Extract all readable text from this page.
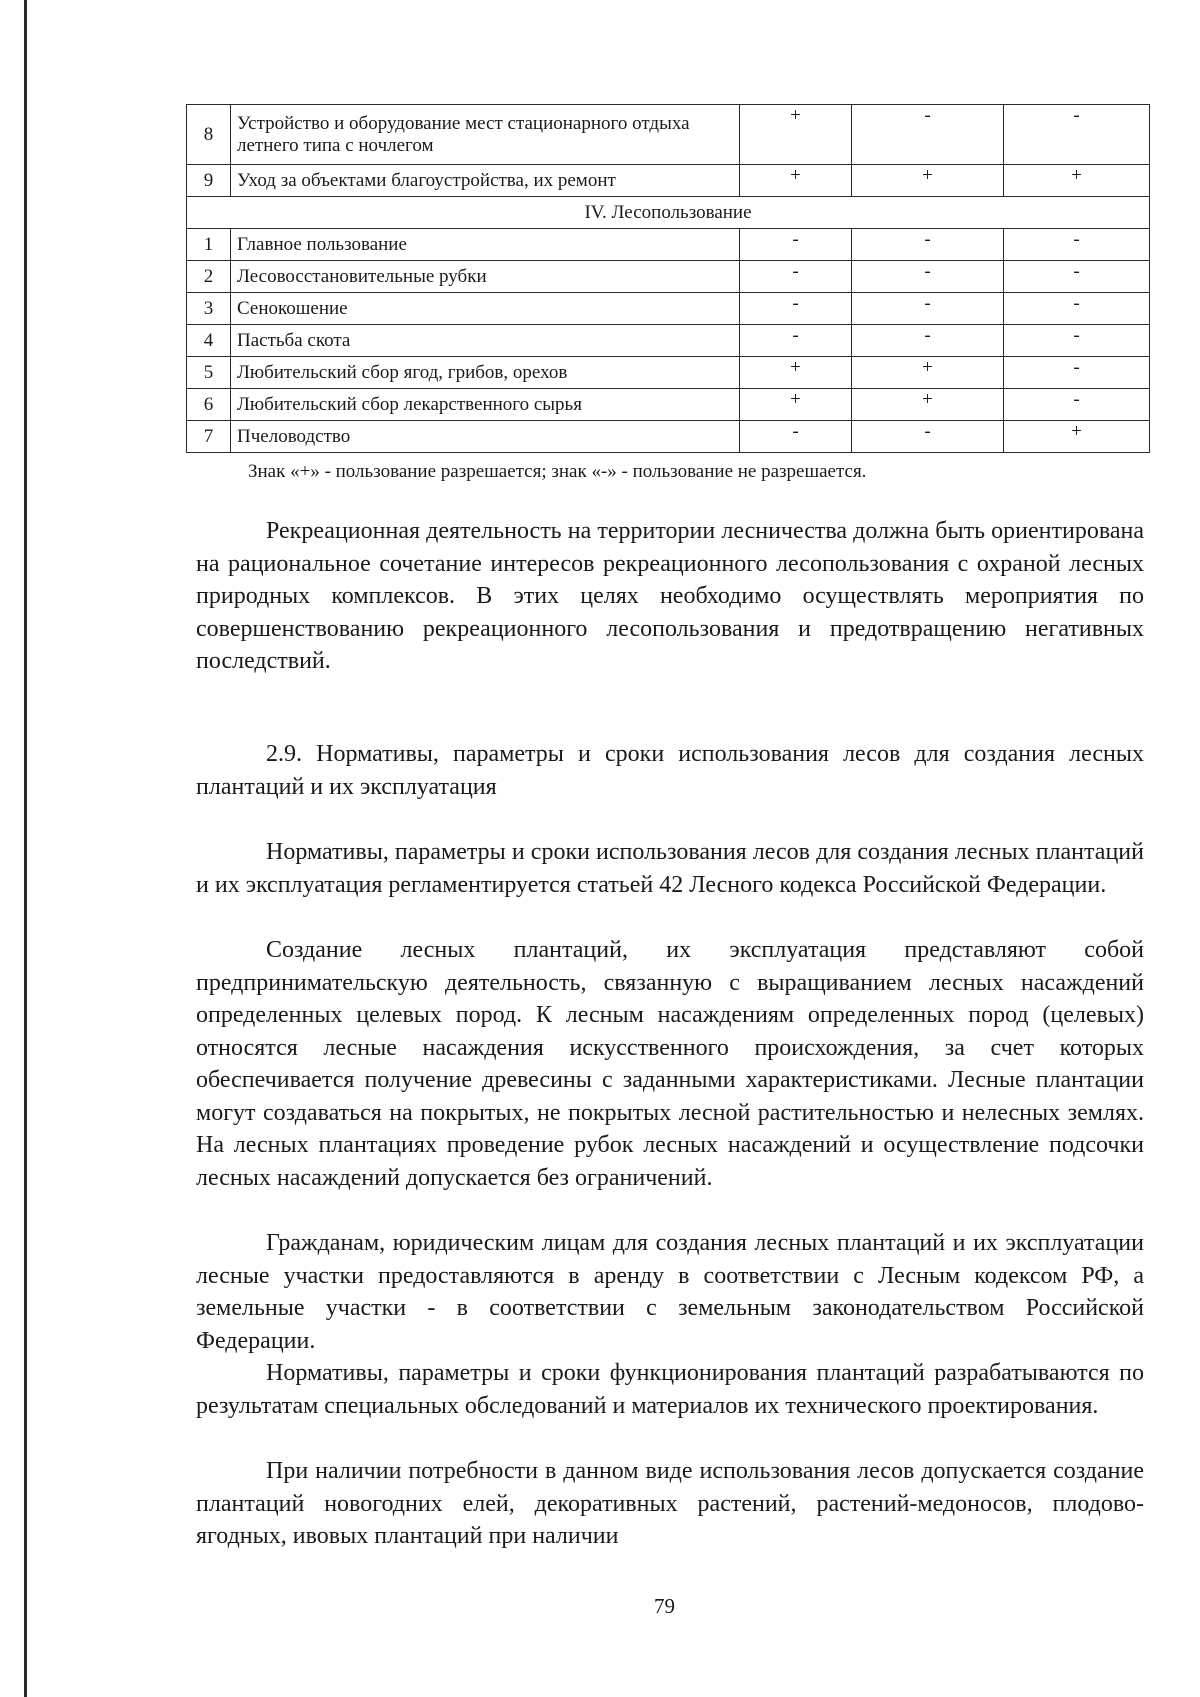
8	Устройство и оборудование мест стационарного отдыха летнего типа с ночлегом	+	-	-
9	Уход за объектами благоустройства, их ремонт	+	+	+
IV. Лесопользование				
1	Главное пользование	-	-	-
2	Лесовосстановительные рубки	-	-	-
3	Сенокошение	-	-	-
4	Пастьба скота	-	-	-
5	Любительский сбор ягод, грибов, орехов	+	+	-
6	Любительский сбор лекарственного сырья	+	+	-
7	Пчеловодство	-	-	+
Знак «+» - пользование разрешается; знак «-» - пользование не разрешается.

Рекреационная деятельность на территории лесничества должна быть ориентирована на рациональное сочетание интересов рекреационного лесопользования с охраной лесных природных комплексов. В этих целях необходимо осуществлять мероприятия по совершенствованию рекреационного лесопользования и предотвращению негативных последствий.

2.9. Нормативы, параметры и сроки использования лесов для создания лесных плантаций и их эксплуатация

Нормативы, параметры и сроки использования лесов для создания лесных плантаций и их эксплуатация регламентируется статьей 42 Лесного кодекса Российской Федерации.

Создание лесных плантаций, их эксплуатация представляют собой предпринимательскую деятельность, связанную с выращиванием лесных насаждений определенных целевых пород. К лесным насаждениям определенных пород (целевых) относятся лесные насаждения искусственного происхождения, за счет которых обеспечивается получение древесины с заданными характеристиками. Лесные плантации могут создаваться на покрытых, не покрытых лесной растительностью и нелесных землях. На лесных плантациях проведение рубок лесных насаждений и осуществление подсочки лесных насаждений допускается без ограничений.

Гражданам, юридическим лицам для создания лесных плантаций и их эксплуатации лесные участки предоставляются в аренду в соответствии с Лесным кодексом РФ, а земельные участки - в соответствии с земельным законодательством Российской Федерации.

Нормативы, параметры и сроки функционирования плантаций разрабатываются по результатам специальных обследований и материалов их технического проектирования.

При наличии потребности в данном виде использования лесов допускается создание плантаций новогодних елей, декоративных растений, растений-медоносов, плодово-ягодных, ивовых плантаций при наличии

79
